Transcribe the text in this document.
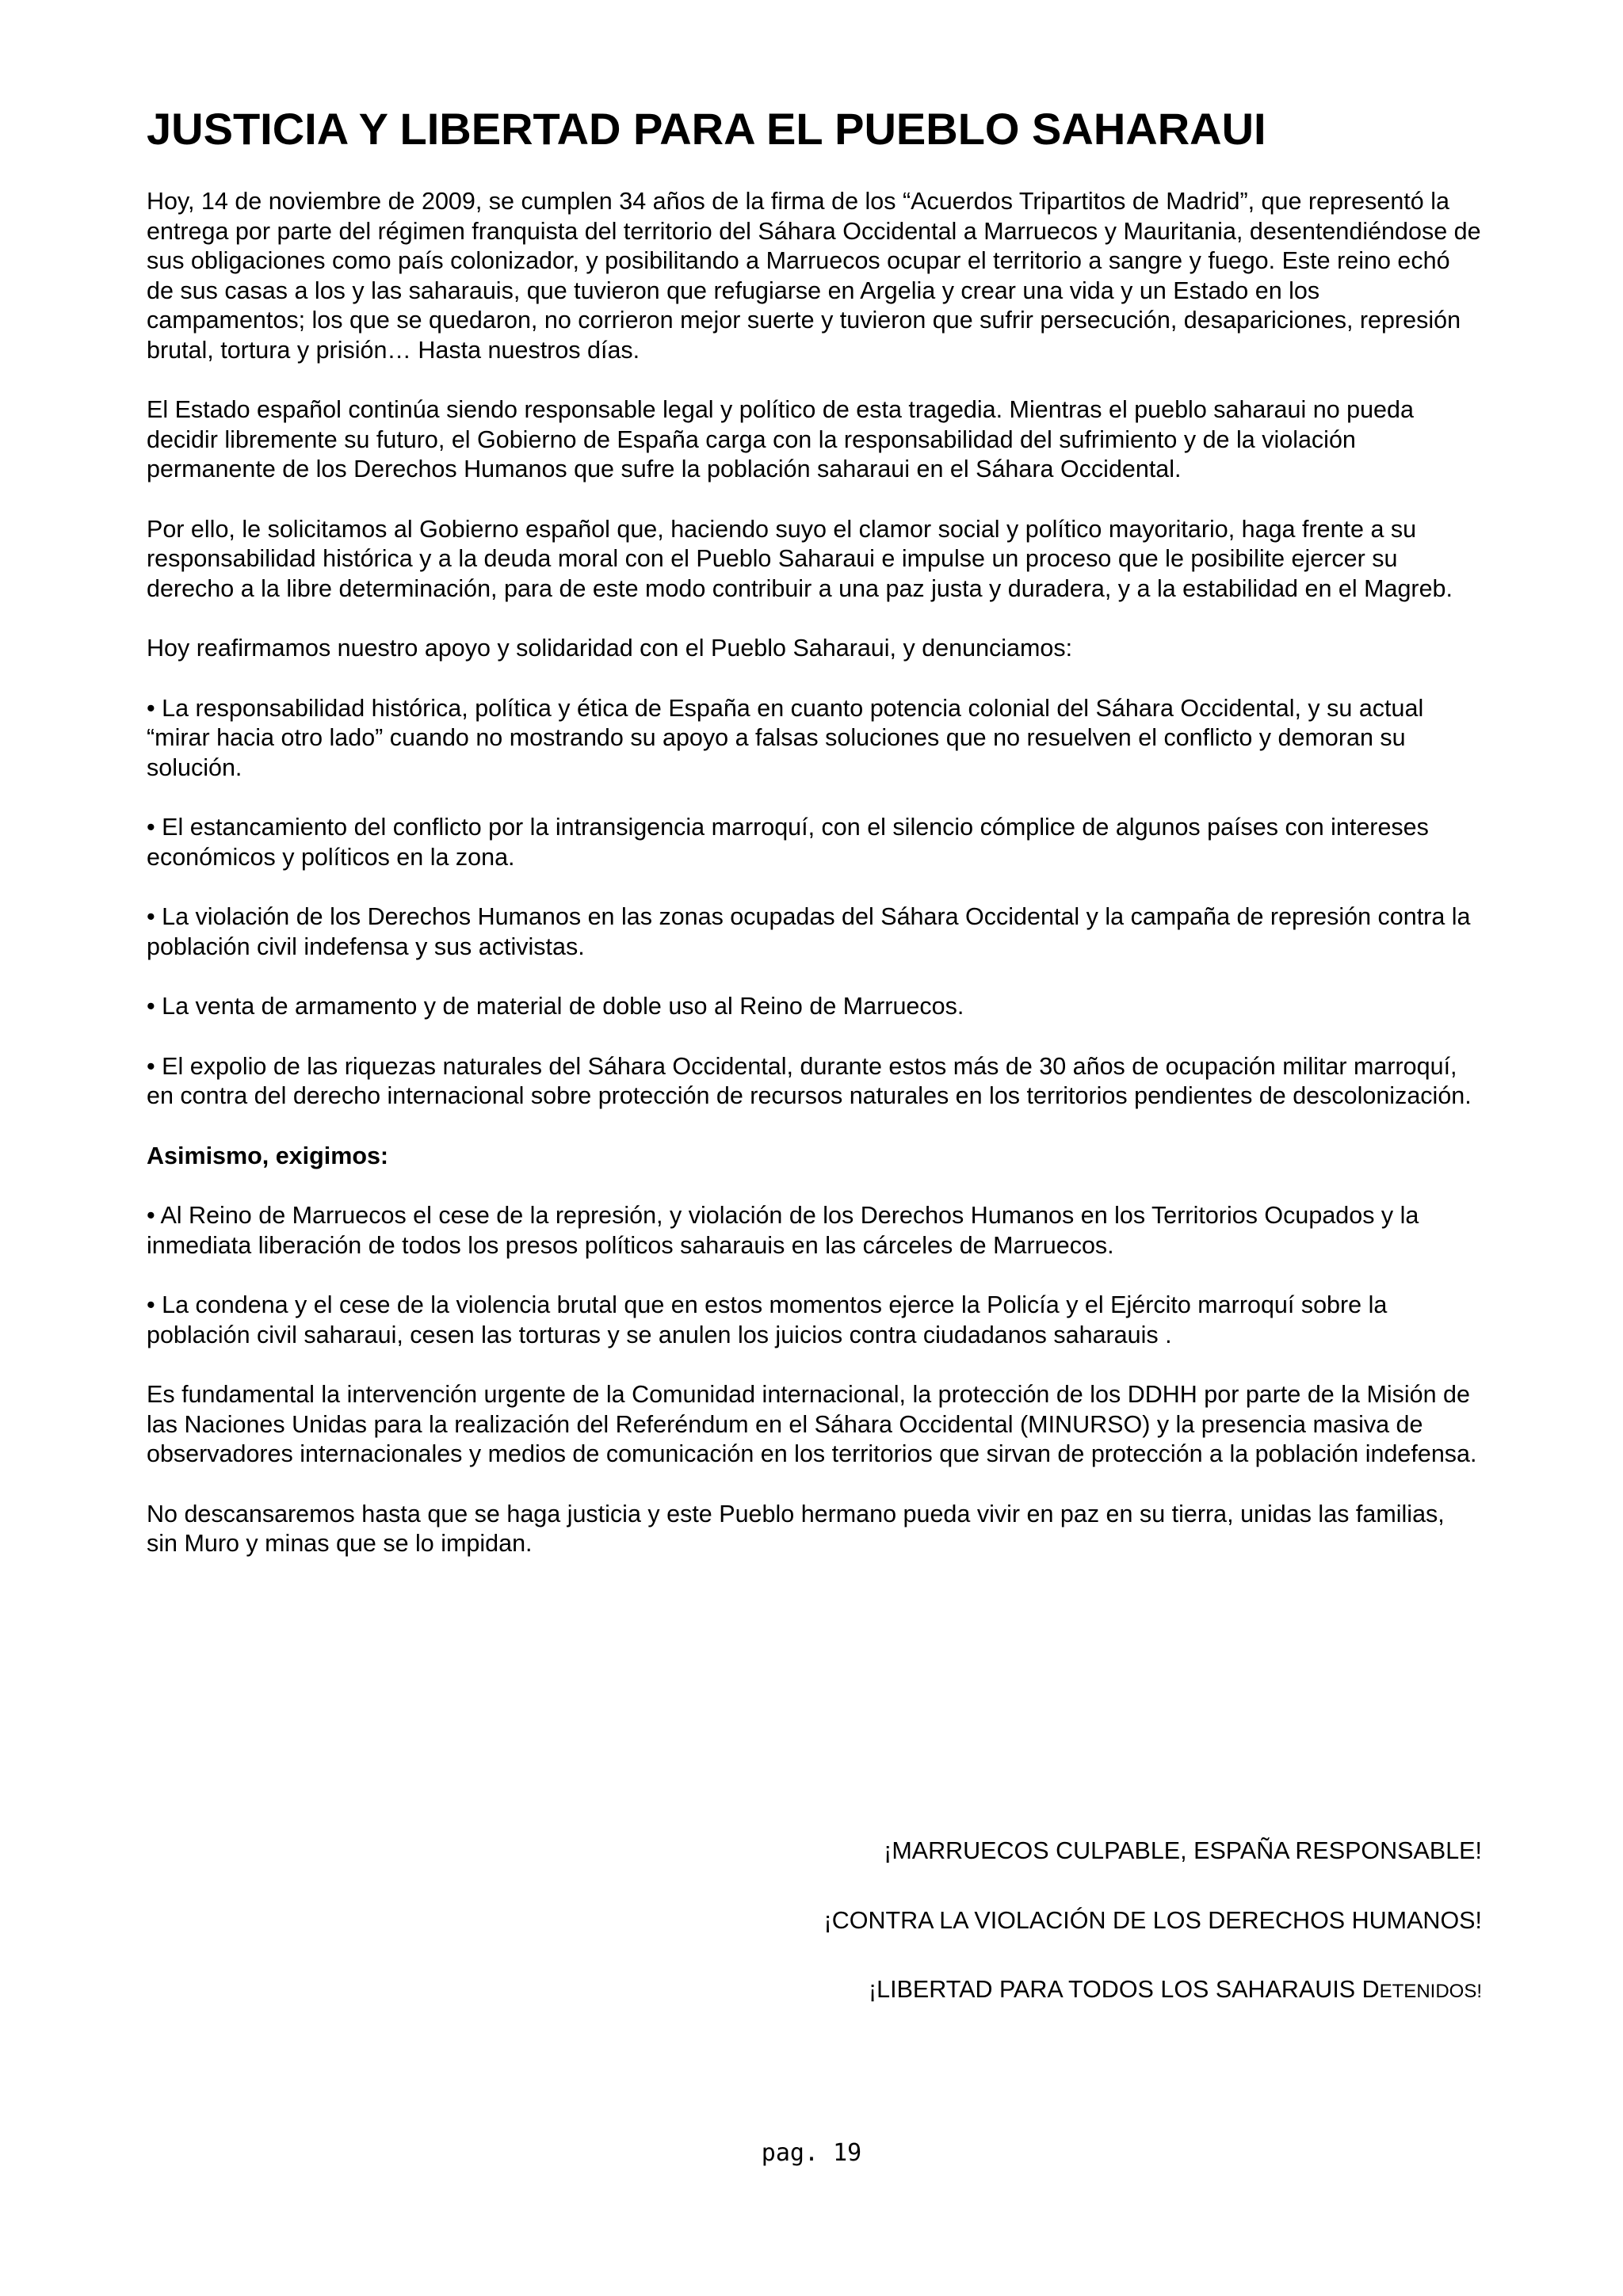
JUSTICIA Y LIBERTAD PARA EL PUEBLO SAHARAUI

Hoy, 14 de noviembre de 2009, se cumplen 34 años de la firma de los “Acuerdos Tripartitos de Madrid”, que representó la entrega por parte del régimen franquista del territorio del Sáhara Occidental a Marruecos y Mauritania, desentendiéndose de sus obligaciones como país colonizador, y posibilitando a Marruecos ocupar el territorio a sangre y fuego. Este reino echó de sus casas a los y las saharauis, que tuvieron que refugiarse en Argelia y crear una vida y un Estado en los campamentos; los que se quedaron, no corrieron mejor suerte y tuvieron que sufrir persecución, desapariciones, represión brutal, tortura y prisión… Hasta nuestros días.

El Estado español continúa siendo responsable legal y político de esta tragedia. Mientras el pueblo saharaui no pueda decidir libremente su futuro, el Gobierno de España carga con la responsabilidad del sufrimiento y de la violación permanente de los Derechos Humanos que sufre la población saharaui en el Sáhara Occidental.

Por ello, le solicitamos al Gobierno español que, haciendo suyo el clamor social y político mayoritario, haga frente a su responsabilidad histórica y a la deuda moral con el Pueblo Saharaui e impulse un proceso que le posibilite ejercer su derecho a la libre determinación, para de este modo contribuir a una paz justa y duradera, y a la estabilidad en el Magreb.

Hoy reafirmamos nuestro apoyo y solidaridad con el Pueblo Saharaui, y denunciamos:

• La responsabilidad histórica, política y ética de España en cuanto potencia colonial del Sáhara Occidental, y su actual “mirar hacia otro lado” cuando no mostrando su apoyo a falsas soluciones que no resuelven el conflicto y demoran su solución.

• El estancamiento del conflicto por la intransigencia marroquí, con el silencio cómplice de algunos países con intereses económicos y políticos en la zona.

• La violación de los Derechos Humanos en las zonas ocupadas del Sáhara Occidental y la campaña de represión contra la población civil indefensa y sus activistas.

• La venta de armamento y de material de doble uso al Reino de Marruecos.

• El expolio de las riquezas naturales del Sáhara Occidental, durante estos más de 30 años de ocupación militar marroquí, en contra del derecho internacional sobre protección de recursos naturales en los territorios pendientes de descolonización.

Asimismo, exigimos:

• Al Reino de Marruecos el cese de la represión, y violación de los Derechos Humanos en los Territorios Ocupados y la inmediata liberación de todos los presos políticos saharauis en las cárceles de Marruecos.

• La condena y el cese de la violencia brutal que en estos momentos ejerce la Policía y el Ejército marroquí sobre la población civil saharaui, cesen las torturas y se anulen los juicios contra ciudadanos saharauis .

Es fundamental la intervención urgente de la Comunidad internacional, la protección de los DDHH por parte de la Misión de las Naciones Unidas para la realización del Referéndum en el Sáhara Occidental (MINURSO) y la presencia masiva de observadores internacionales y medios de comunicación en los territorios que sirvan de protección a la población indefensa.

No descansaremos hasta que se haga justicia y este Pueblo hermano pueda vivir en paz en su tierra, unidas las familias, sin Muro y minas que se lo impidan.

¡MARRUECOS CULPABLE, ESPAÑA RESPONSABLE!

¡CONTRA LA VIOLACIÓN DE LOS DERECHOS HUMANOS!

¡LIBERTAD PARA TODOS LOS SAHARAUIS DETENIDOS!

pag. 19
